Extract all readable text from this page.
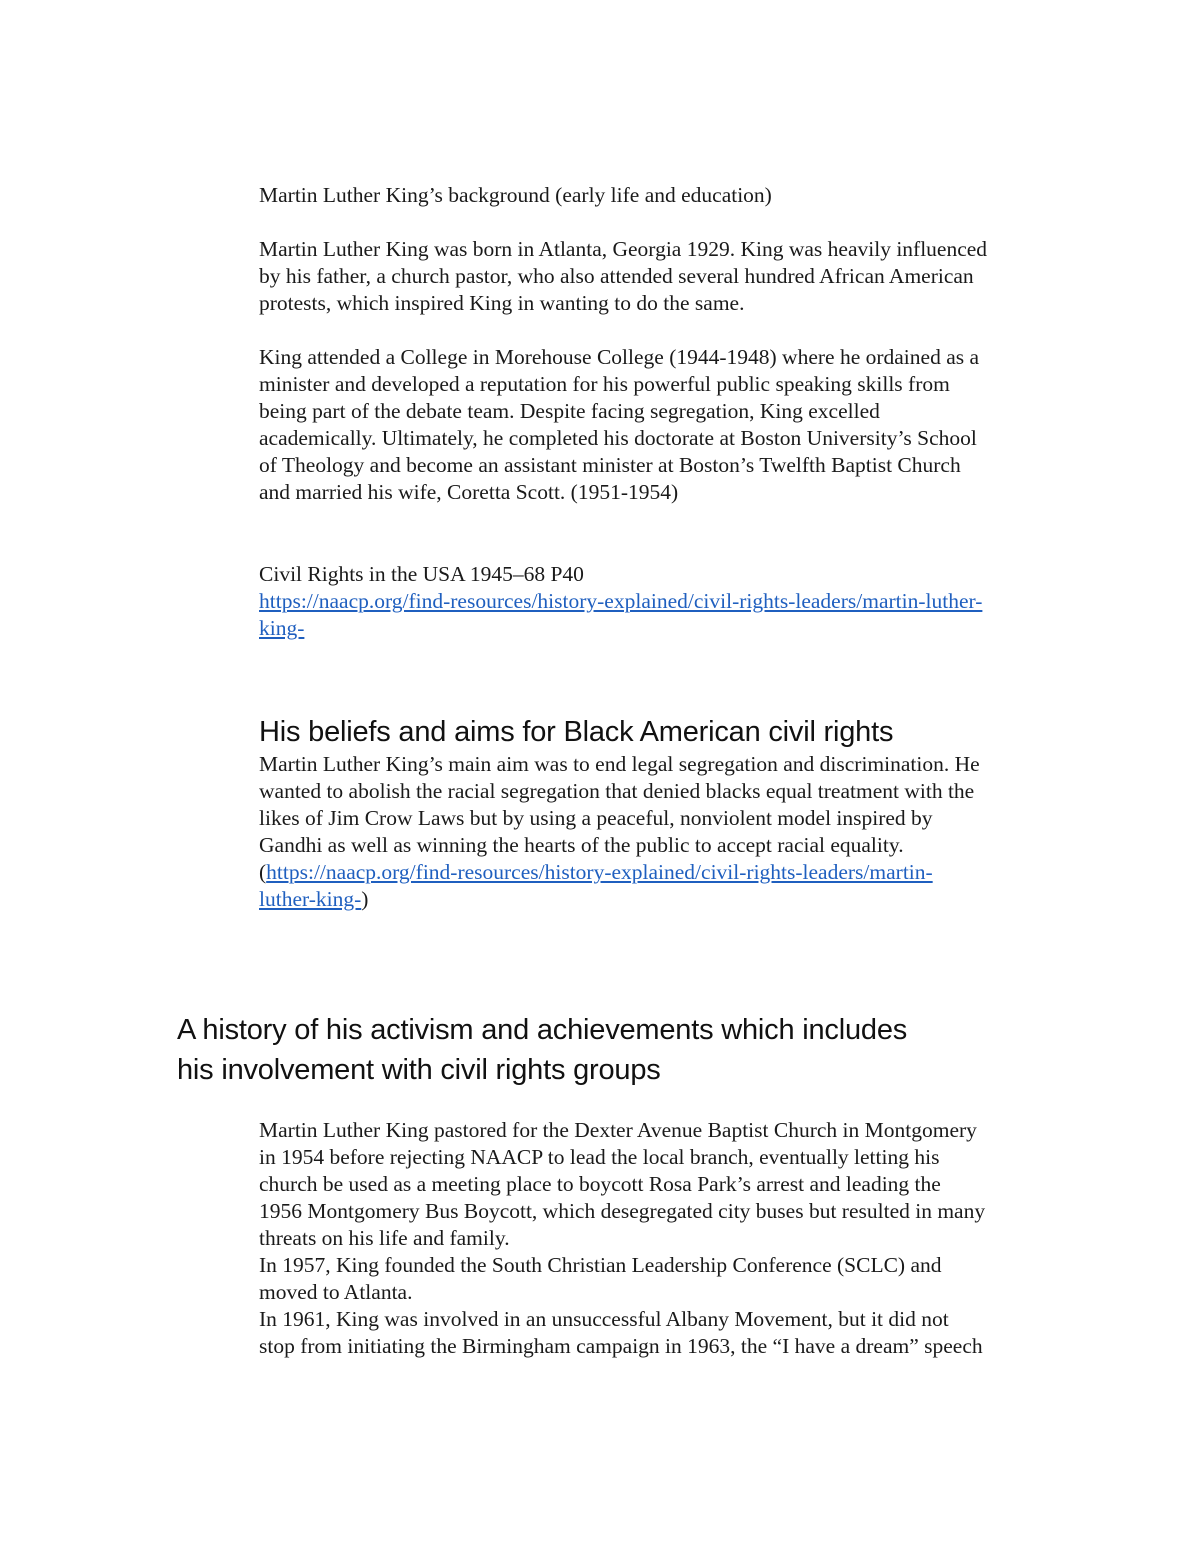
Martin Luther King’s background (early life and education)
Martin Luther King was born in Atlanta, Georgia 1929. King was heavily influenced
by his father, a church pastor, who also attended several hundred African American
protests, which inspired King in wanting to do the same.
King attended a College in Morehouse College (1944-1948) where he ordained as a
minister and developed a reputation for his powerful public speaking skills from
being part of the debate team. Despite facing segregation, King excelled
academically. Ultimately, he completed his doctorate at Boston University’s School
of Theology and become an assistant minister at Boston’s Twelfth Baptist Church
and married his wife, Coretta Scott. (1951-1954)
Civil Rights in the USA 1945–68 P40
https://naacp.org/find-resources/history-explained/civil-rights-leaders/martin-luther-
king-
His beliefs and aims for Black American civil rights
Martin Luther King’s main aim was to end legal segregation and discrimination. He
wanted to abolish the racial segregation that denied blacks equal treatment with the
likes of Jim Crow Laws but by using a peaceful, nonviolent model inspired by
Gandhi as well as winning the hearts of the public to accept racial equality.
(https://naacp.org/find-resources/history-explained/civil-rights-leaders/martin-
luther-king-)
A history of his activism and achievements which includes
his involvement with civil rights groups
Martin Luther King pastored for the Dexter Avenue Baptist Church in Montgomery
in 1954 before rejecting NAACP to lead the local branch, eventually letting his
church be used as a meeting place to boycott Rosa Park’s arrest and leading the
1956 Montgomery Bus Boycott, which desegregated city buses but resulted in many
threats on his life and family.
In 1957, King founded the South Christian Leadership Conference (SCLC) and
moved to Atlanta.
In 1961, King was involved in an unsuccessful Albany Movement, but it did not
stop from initiating the Birmingham campaign in 1963, the “I have a dream” speech
